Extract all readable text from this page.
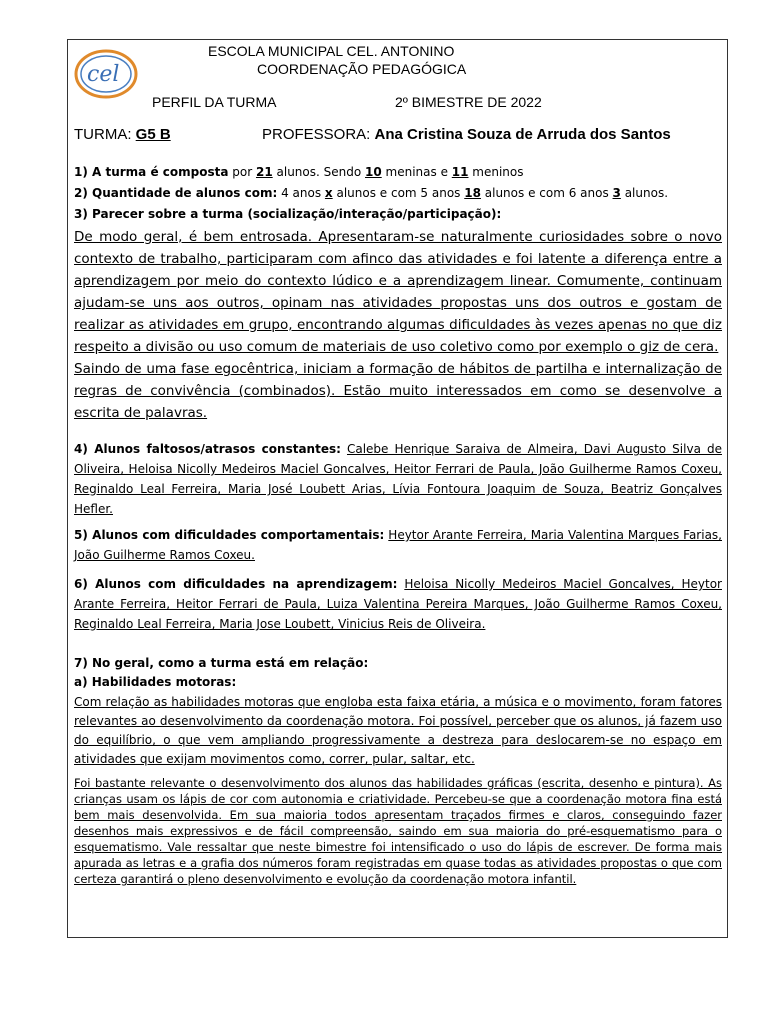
cel
ESCOLA MUNICIPAL CEL. ANTONINO
COORDENAÇÃO PEDAGÓGICA
PERFIL DA TURMA	2º BIMESTRE DE 2022
TURMA: G5 B	PROFESSORA: Ana Cristina Souza de Arruda dos Santos
1) A turma é composta por 21 alunos. Sendo 10 meninas e 11 meninos
2) Quantidade de alunos com: 4 anos x alunos e com 5 anos 18 alunos e com 6 anos 3 alunos.
3) Parecer sobre a turma (socialização/interação/participação):
De modo geral, é bem entrosada. Apresentaram-se naturalmente curiosidades sobre o novo contexto de trabalho, participaram com afinco das atividades e foi latente a diferença entre a aprendizagem por meio do contexto lúdico e a aprendizagem linear. Comumente, continuam ajudam-se uns aos outros, opinam nas atividades propostas uns dos outros e gostam de realizar as atividades em grupo, encontrando algumas dificuldades às vezes apenas no que diz respeito a divisão ou uso comum de materiais de uso coletivo como por exemplo o giz de cera.
Saindo de uma fase egocêntrica, iniciam a formação de hábitos de partilha e internalização de regras de convivência (combinados). Estão muito interessados em como se desenvolve a escrita de palavras.
4) Alunos faltosos/atrasos constantes: Calebe Henrique Saraiva de Almeira, Davi Augusto Silva de Oliveira, Heloisa Nicolly Medeiros Maciel Goncalves, Heitor Ferrari de Paula, João Guilherme Ramos Coxeu, Reginaldo Leal Ferreira, Maria José Loubett Arias, Lívia Fontoura Joaquim de Souza, Beatriz Gonçalves Hefler.
5) Alunos com dificuldades comportamentais: Heytor Arante Ferreira, Maria Valentina Marques Farias, João Guilherme Ramos Coxeu.
6) Alunos com dificuldades na aprendizagem: Heloisa Nicolly Medeiros Maciel Goncalves, Heytor Arante Ferreira, Heitor Ferrari de Paula, Luiza Valentina Pereira Marques, João Guilherme Ramos Coxeu, Reginaldo Leal Ferreira, Maria Jose Loubett, Vinicius Reis de Oliveira.
7) No geral, como a turma está em relação:
a) Habilidades motoras:
Com relação as habilidades motoras que engloba esta faixa etária, a música e o movimento, foram fatores relevantes ao desenvolvimento da coordenação motora. Foi possível, perceber que os alunos, já fazem uso do equilíbrio, o que vem ampliando progressivamente a destreza para deslocarem-se no espaço em atividades que exijam movimentos como, correr, pular, saltar, etc.
Foi bastante relevante o desenvolvimento dos alunos das habilidades gráficas (escrita, desenho e pintura). As crianças usam os lápis de cor com autonomia e criatividade. Percebeu-se que a coordenação motora fina está bem mais desenvolvida. Em sua maioria todos apresentam traçados firmes e claros, conseguindo fazer desenhos mais expressivos e de fácil compreensão, saindo em sua maioria do pré-esquematismo para o esquematismo. Vale ressaltar que neste bimestre foi intensificado o uso do lápis de escrever. De forma mais apurada as letras e a grafia dos números foram registradas em quase todas as atividades propostas o que com certeza garantirá o pleno desenvolvimento e evolução da coordenação motora infantil.
